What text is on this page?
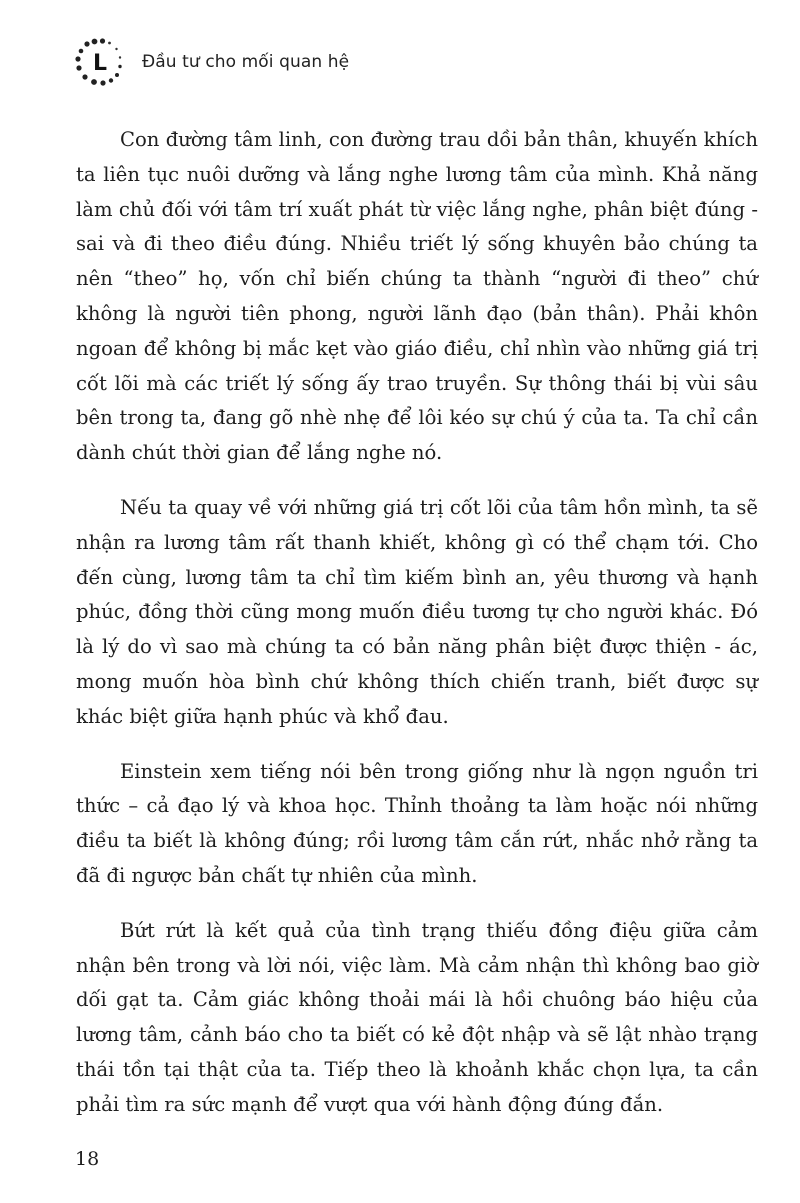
L Đầu tư cho mối quan hệ

Con đường tâm linh, con đường trau dồi bản thân, khuyến khích ta liên tục nuôi dưỡng và lắng nghe lương tâm của mình. Khả năng làm chủ đối với tâm trí xuất phát từ việc lắng nghe, phân biệt đúng - sai và đi theo điều đúng. Nhiều triết lý sống khuyên bảo chúng ta nên “theo” họ, vốn chỉ biến chúng ta thành “người đi theo” chứ không là người tiên phong, người lãnh đạo (bản thân). Phải khôn ngoan để không bị mắc kẹt vào giáo điều, chỉ nhìn vào những giá trị cốt lõi mà các triết lý sống ấy trao truyền. Sự thông thái bị vùi sâu bên trong ta, đang gõ nhè nhẹ để lôi kéo sự chú ý của ta. Ta chỉ cần dành chút thời gian để lắng nghe nó.

Nếu ta quay về với những giá trị cốt lõi của tâm hồn mình, ta sẽ nhận ra lương tâm rất thanh khiết, không gì có thể chạm tới. Cho đến cùng, lương tâm ta chỉ tìm kiếm bình an, yêu thương và hạnh phúc, đồng thời cũng mong muốn điều tương tự cho người khác. Đó là lý do vì sao mà chúng ta có bản năng phân biệt được thiện - ác, mong muốn hòa bình chứ không thích chiến tranh, biết được sự khác biệt giữa hạnh phúc và khổ đau.

Einstein xem tiếng nói bên trong giống như là ngọn nguồn tri thức – cả đạo lý và khoa học. Thỉnh thoảng ta làm hoặc nói những điều ta biết là không đúng; rồi lương tâm cắn rứt, nhắc nhở rằng ta đã đi ngược bản chất tự nhiên của mình.

Bứt rứt là kết quả của tình trạng thiếu đồng điệu giữa cảm nhận bên trong và lời nói, việc làm. Mà cảm nhận thì không bao giờ dối gạt ta. Cảm giác không thoải mái là hồi chuông báo hiệu của lương tâm, cảnh báo cho ta biết có kẻ đột nhập và sẽ lật nhào trạng thái tồn tại thật của ta. Tiếp theo là khoảnh khắc chọn lựa, ta cần phải tìm ra sức mạnh để vượt qua với hành động đúng đắn.

18
